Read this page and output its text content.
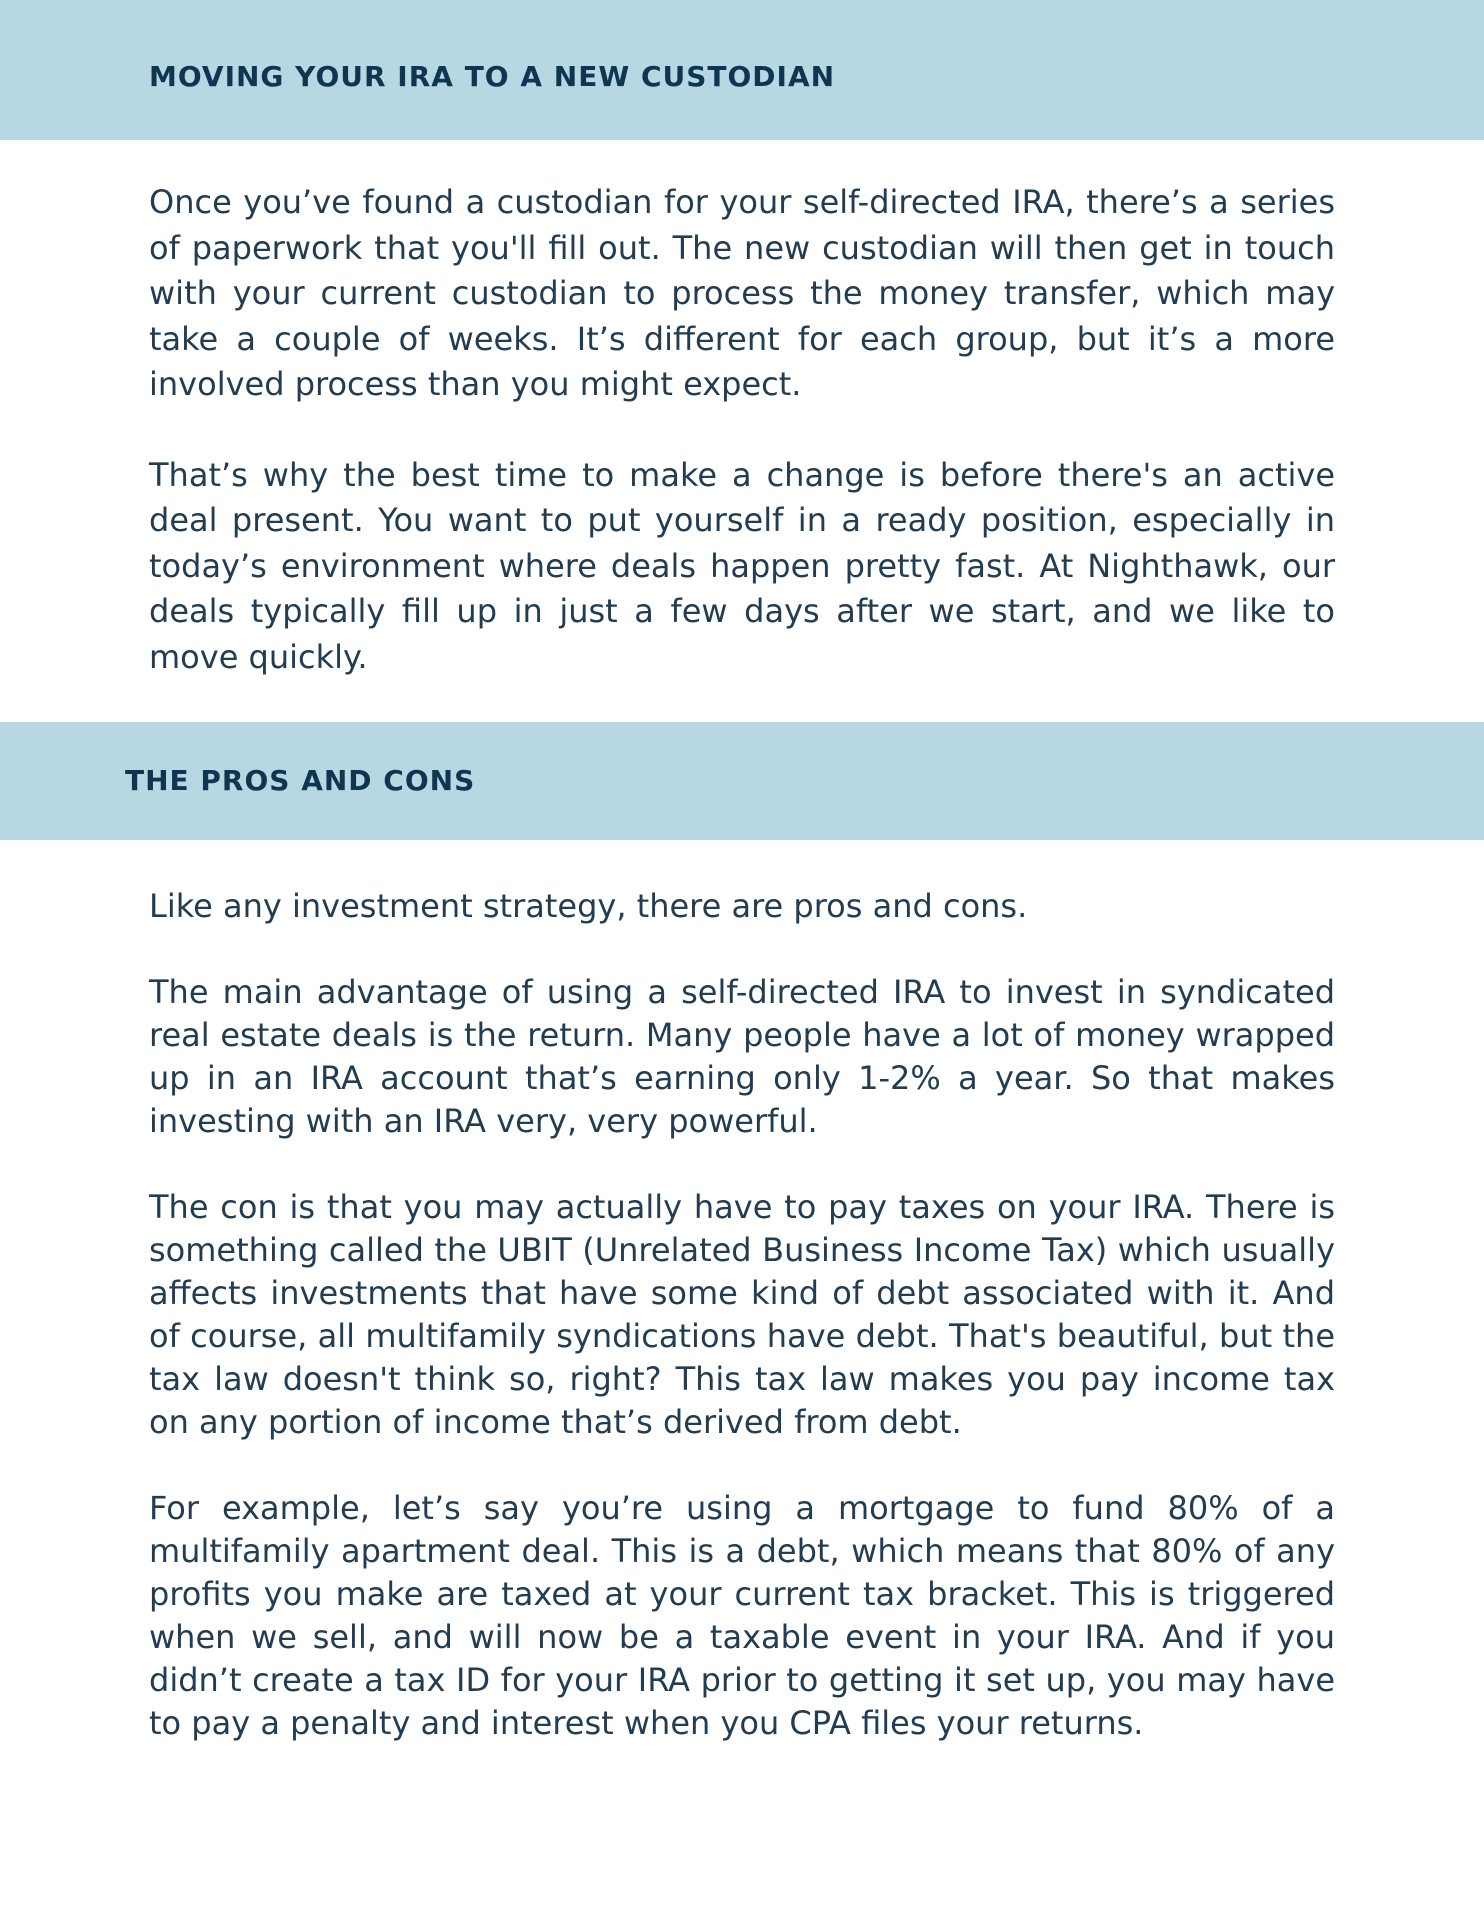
MOVING YOUR IRA TO A NEW CUSTODIAN

Once you’ve found a custodian for your self-directed IRA, there’s a series of paperwork that you'll fill out. The new custodian will then get in touch with your current custodian to process the money transfer, which may take a couple of weeks. It’s different for each group, but it’s a more involved process than you might expect.

That’s why the best time to make a change is before there's an active deal present. You want to put yourself in a ready position, especially in today’s environment where deals happen pretty fast. At Nighthawk, our deals typically fill up in just a few days after we start, and we like to move quickly.

THE PROS AND CONS

Like any investment strategy, there are pros and cons.

The main advantage of using a self-directed IRA to invest in syndicated real estate deals is the return. Many people have a lot of money wrapped up in an IRA account that’s earning only 1-2% a year. So that makes investing with an IRA very, very powerful.

The con is that you may actually have to pay taxes on your IRA. There is something called the UBIT (Unrelated Business Income Tax) which usually affects investments that have some kind of debt associated with it. And of course, all multifamily syndications have debt. That's beautiful, but the tax law doesn't think so, right? This tax law makes you pay income tax on any portion of income that’s derived from debt.

For example, let’s say you’re using a mortgage to fund 80% of a multifamily apartment deal. This is a debt, which means that 80% of any profits you make are taxed at your current tax bracket. This is triggered when we sell, and will now be a taxable event in your IRA. And if you didn’t create a tax ID for your IRA prior to getting it set up, you may have to pay a penalty and interest when you CPA files your returns.
